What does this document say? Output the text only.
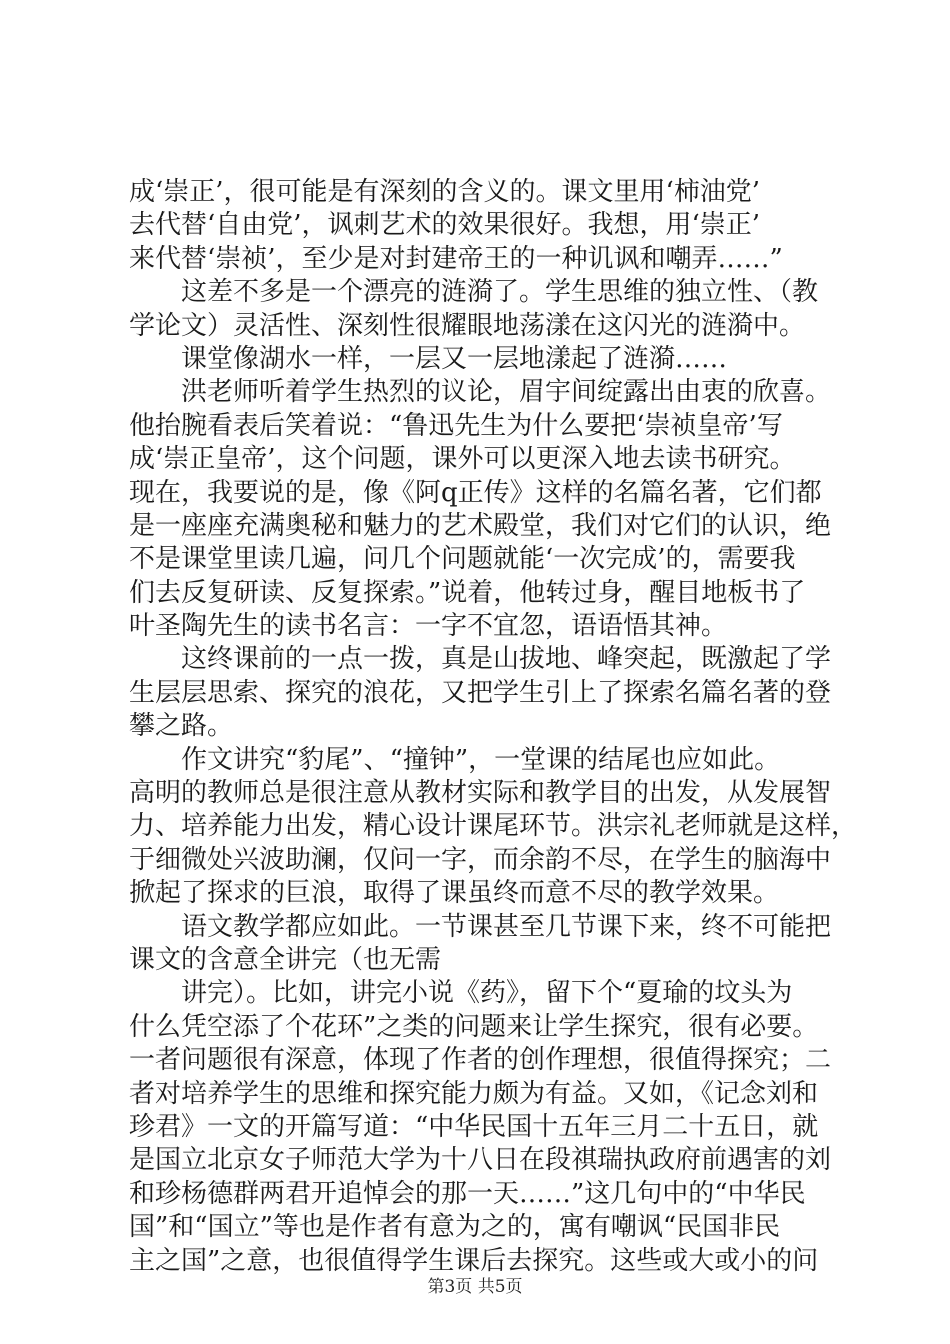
成‘崇正’，很可能是有深刻的含义的。课文里用‘柿油党’
去代替‘自由党’，讽刺艺术的效果很好。我想，用‘崇正’
来代替‘崇祯’，至少是对封建帝王的一种讥讽和嘲弄……”
　　这差不多是一个漂亮的涟漪了。学生思维的独立性、（教
学论文）灵活性、深刻性很耀眼地荡漾在这闪光的涟漪中。
　　课堂像湖水一样，一层又一层地漾起了涟漪……
　　洪老师听着学生热烈的议论，眉宇间绽露出由衷的欣喜。
他抬腕看表后笑着说：“鲁迅先生为什么要把‘崇祯皇帝’写
成‘崇正皇帝’，这个问题，课外可以更深入地去读书研究。
现在，我要说的是，像《阿q正传》这样的名篇名著，它们都
是一座座充满奥秘和魅力的艺术殿堂，我们对它们的认识，绝
不是课堂里读几遍，问几个问题就能‘一次完成’的，需要我
们去反复研读、反复探索。”说着，他转过身，醒目地板书了
叶圣陶先生的读书名言：一字不宜忽，语语悟其神。
　　这终课前的一点一拨，真是山拔地、峰突起，既激起了学
生层层思索、探究的浪花，又把学生引上了探索名篇名著的登
攀之路。
　　作文讲究“豹尾”、“撞钟”，一堂课的结尾也应如此。
高明的教师总是很注意从教材实际和教学目的出发，从发展智
力、培养能力出发，精心设计课尾环节。洪宗礼老师就是这样，
于细微处兴波助澜，仅问一字，而余韵不尽，在学生的脑海中
掀起了探求的巨浪，取得了课虽终而意不尽的教学效果。
　　语文教学都应如此。一节课甚至几节课下来，终不可能把
课文的含意全讲完（也无需
　　讲完）。比如，讲完小说《药》，留下个“夏瑜的坟头为
什么凭空添了个花环”之类的问题来让学生探究，很有必要。
一者问题很有深意，体现了作者的创作理想，很值得探究；二
者对培养学生的思维和探究能力颇为有益。又如，《记念刘和
珍君》一文的开篇写道：“中华民国十五年三月二十五日，就
是国立北京女子师范大学为十八日在段祺瑞执政府前遇害的刘
和珍杨德群两君开追悼会的那一天……”这几句中的“中华民
国”和“国立”等也是作者有意为之的，寓有嘲讽“民国非民
主之国”之意，也很值得学生课后去探究。这些或大或小的问
第3页 共5页
